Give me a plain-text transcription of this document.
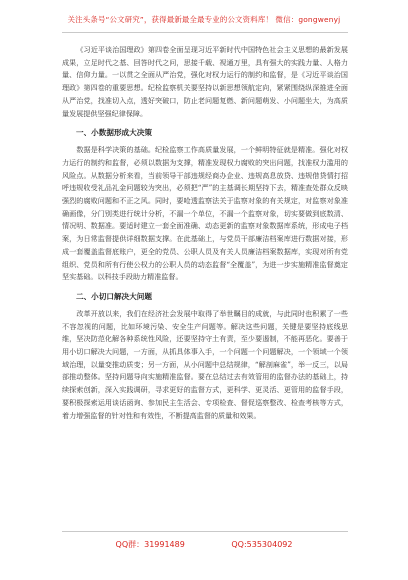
关注头条号“公文研究”，获得最新最全最专业的公文资料库！ 微信：gongwenyj

《习近平谈治国理政》第四卷全面呈现习近平新时代中国特色社会主义思想的最新发展成果，立足时代之基、回答时代之问，思接千载、视通万里，具有强大的实践力量、人格力量、信仰力量。一以贯之全面从严治党，强化对权力运行的制约和监督，是《习近平谈治国理政》第四卷的重要思想。纪检监察机关要坚持以新思想领航定向，紧紧围绕纵深推进全面从严治党，找准切入点，透好突破口，防止老问题复燃、新问题萌发、小问题坐大，为高质量发展提供坚强纪律保障。

一、小数据形成大决策

数据是科学决策的基础。纪检监察工作高质量发展，一个鲜明特征就是精准。强化对权力运行的制约和监督，必须以数据为支撑，精准发现权力腐败的突出问题，找准权力滥用的风险点。从数据分析来看，当前领导干部违规经商办企业、违规高息放贷、违规借贷情打招呼违规收受礼品礼金问题较为突出，必须把“严”的主基调长期坚持下去，精准查处群众反映强烈的腐败问题和不正之风。同时，要呛透监察法关于监察对象的有关规定，对监察对象准确画像，分门别类进行统计分析，不漏一个单位，不漏一个监察对象，切实要做到底数清、情况明、数据准。要适时建立一套全面准确、动态更新的监察对象数据库系统，形成电子档案，为日常监督提供详细数据支撑。在此基础上，与党员干部廉洁档案库进行数据对接，形成一套覆盖监督底账户，更全的党员、公职人员及有关人员廉洁档案数据库，实现对所有党组织、党员和所有行使公权力的公职人员的动态监督“全覆盖”，为进一步实施精准监督奠定坚实基础。以科技手段助力精准监督。

二、小切口解决大问题

改革开放以来，我们在经济社会发展中取得了举世瞩目的成就，与此同时也积累了一些不容忽视的问题，比如环境污染、安全生产问题等。解决这些问题，关键是要坚持底线思维，坚决防范化解各种系统性风险，还要坚持守土有责，至少要遏制，不能再恶化。要善于用小切口解决大问题，一方面，从抓具体事入手，一个问题一个问题解决，一个领域一个领域治理，以量变推动质变；另一方面，从小问题中总结规律，“解剖麻雀”，举一反三，以局部推动整体。坚持问题导向实施精准监督。要在总结过去有效管用的监督办法的基础上，持续探索创新，深入实践调研，寻求更好的监督方式，更科学、更灵活、更管用的监督手段，要积极探索运用谈话函询、参加民主生活会、专项检查、督促巡察整改、检查考核等方式，着力增强监督的针对性和有效性，不断提高监督的质量和效果。

QQ群：31991489	QQ:535304092
